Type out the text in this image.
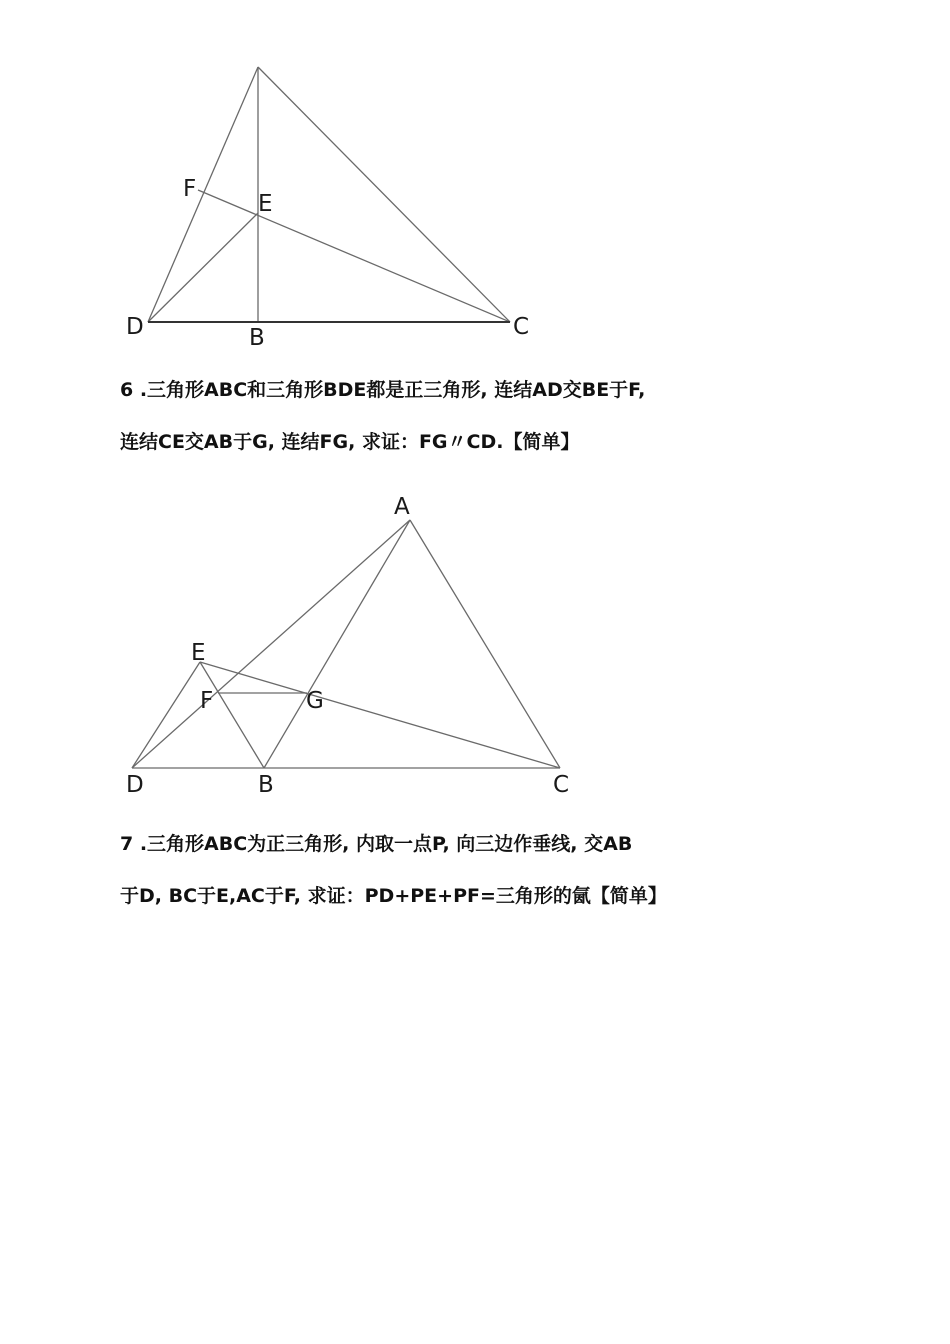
F
E
D	B	C
A
E
F	G
D	B	C

6 .三角形ABC和三角形BDE都是正三角形, 连结AD交BE于F,

连结CE交AB于G, 连结FG, 求证：FG〃CD.【简单】

7 .三角形ABC为正三角形, 内取一点P, 向三边作垂线, 交AB

于D, BC于E,AC于F, 求证：PD+PE+PF=三角形的氤【简单】
